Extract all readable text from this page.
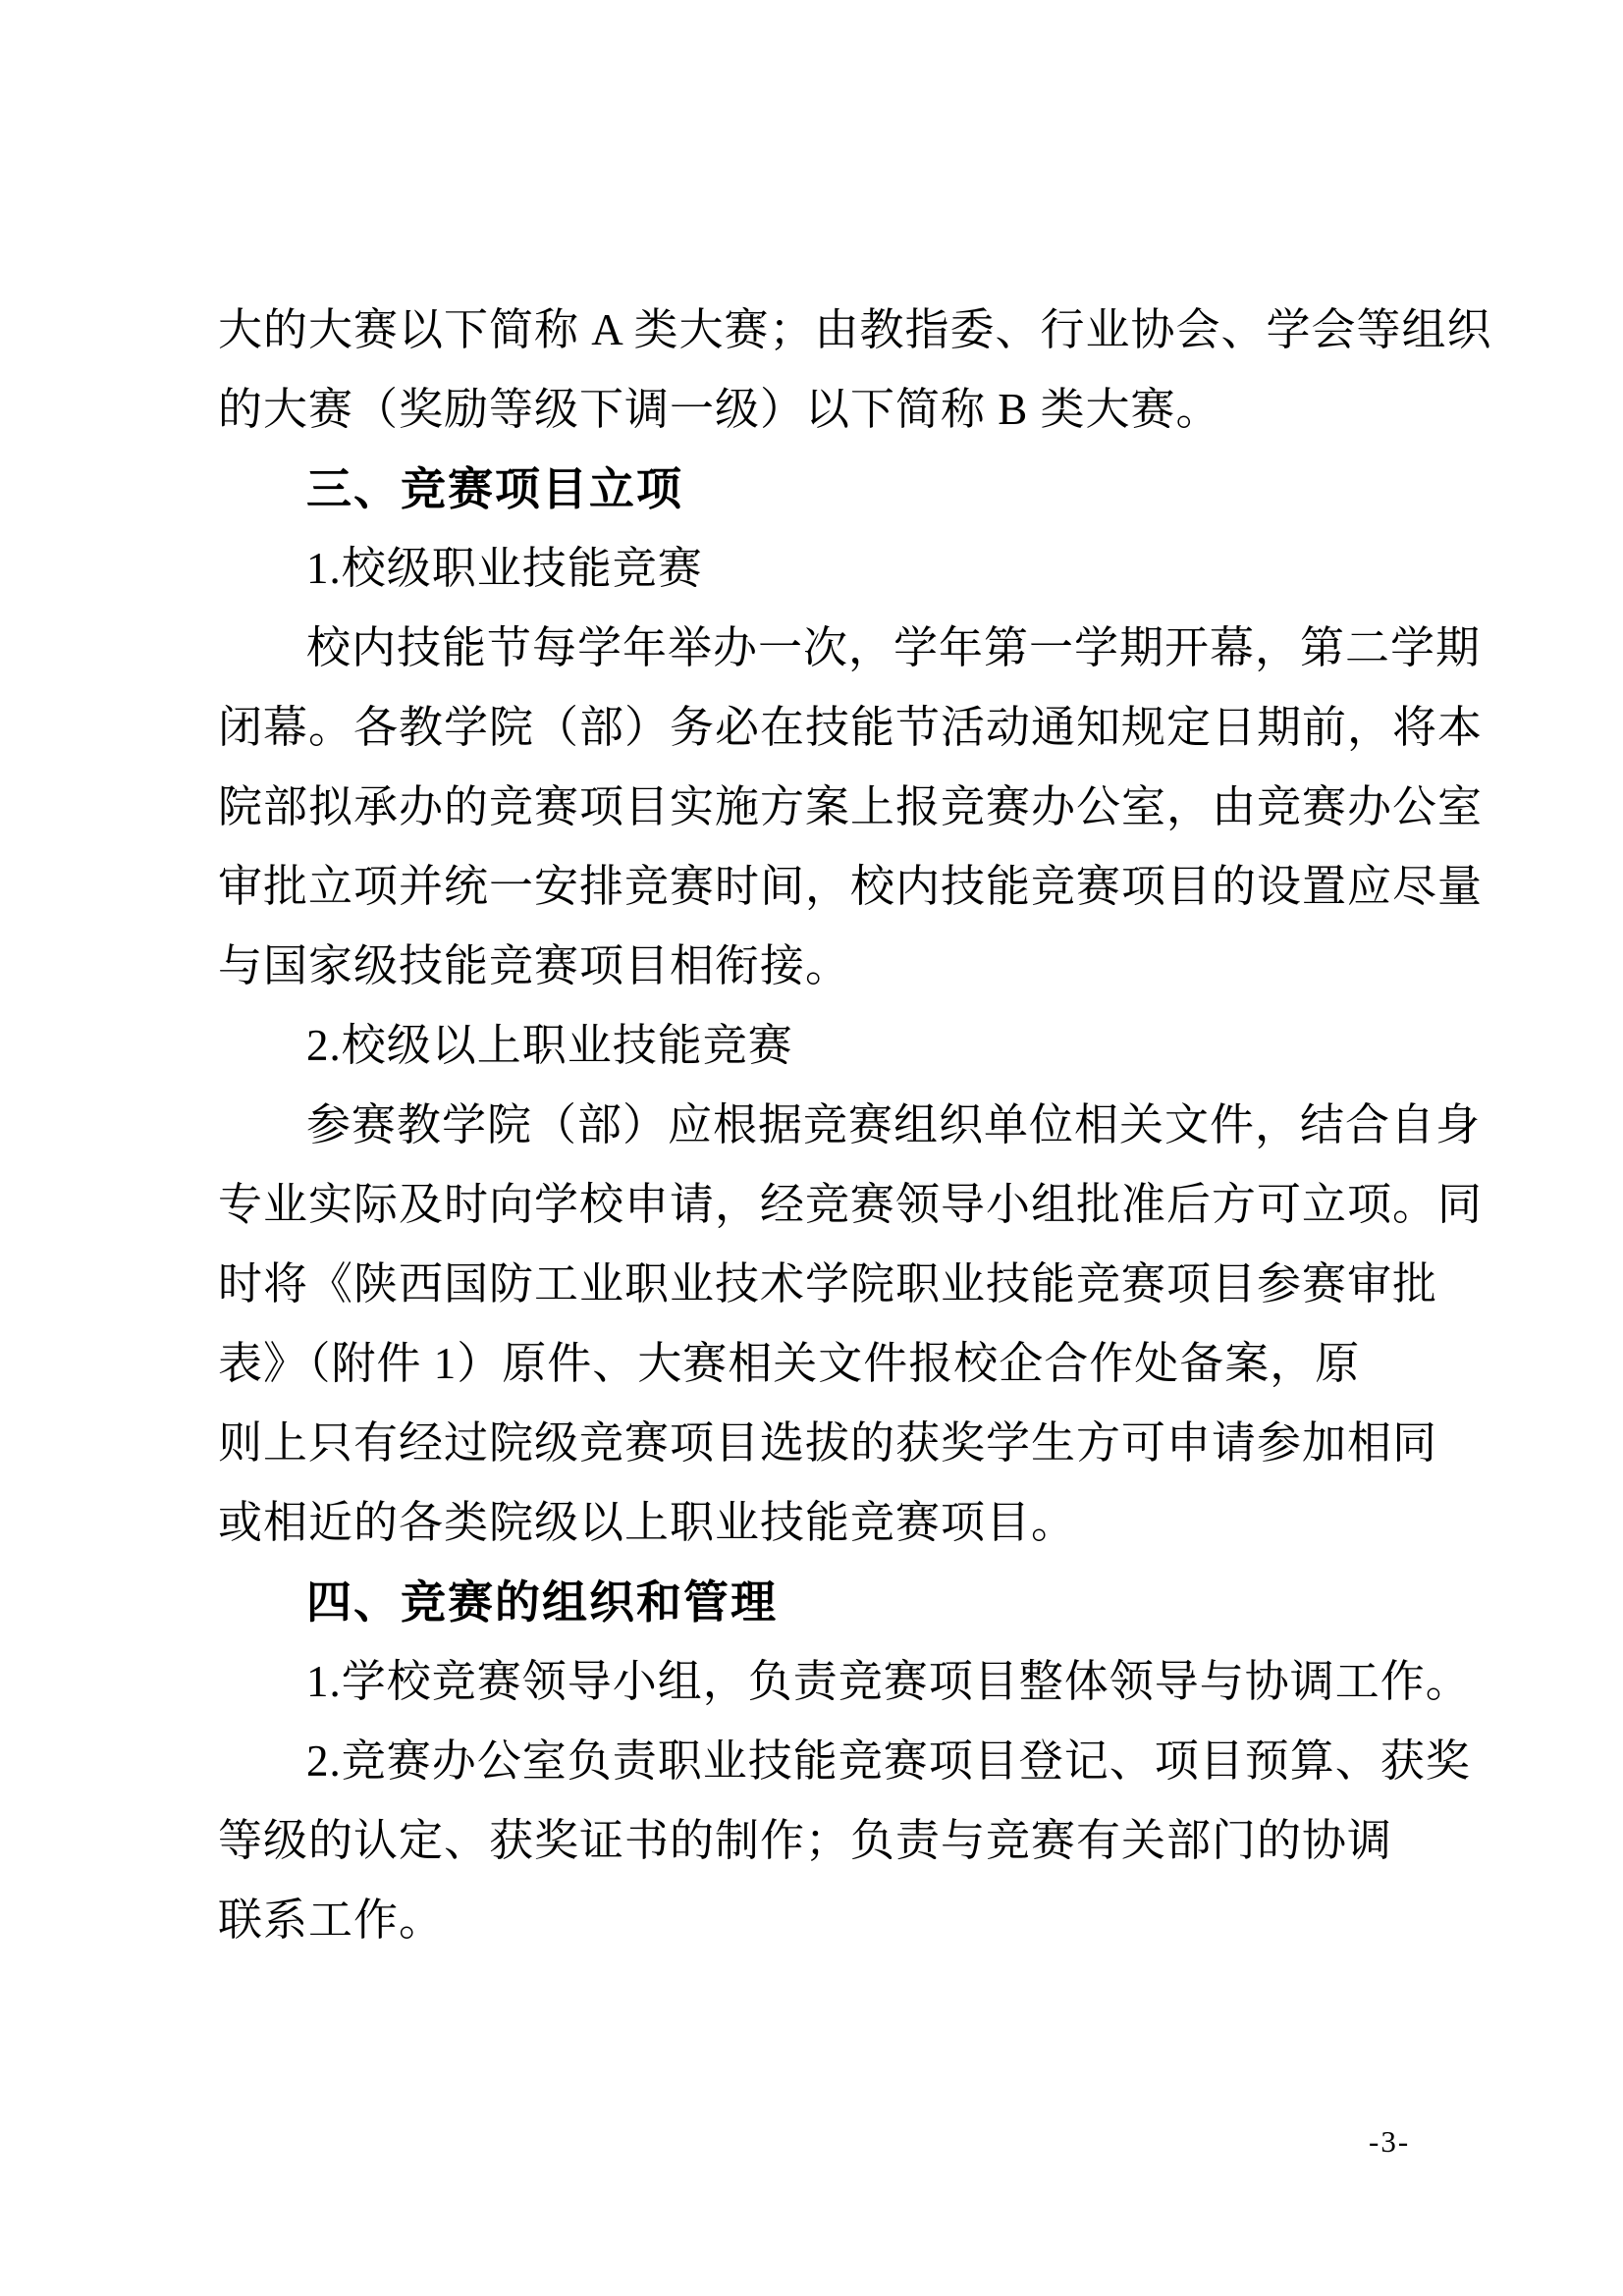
大的大赛以下简称 A 类大赛；由教指委、行业协会、学会等组织
的大赛（奖励等级下调一级）以下简称 B 类大赛。
三、竞赛项目立项
1.校级职业技能竞赛
校内技能节每学年举办一次，学年第一学期开幕，第二学期
闭幕。各教学院（部）务必在技能节活动通知规定日期前，将本
院部拟承办的竞赛项目实施方案上报竞赛办公室，由竞赛办公室
审批立项并统一安排竞赛时间，校内技能竞赛项目的设置应尽量
与国家级技能竞赛项目相衔接。
2.校级以上职业技能竞赛
参赛教学院（部）应根据竞赛组织单位相关文件，结合自身
专业实际及时向学校申请，经竞赛领导小组批准后方可立项。同
时将《陕西国防工业职业技术学院职业技能竞赛项目参赛审批
表》（附件 1）原件、大赛相关文件报校企合作处备案，原
则上只有经过院级竞赛项目选拔的获奖学生方可申请参加相同
或相近的各类院级以上职业技能竞赛项目。
四、竞赛的组织和管理
1.学校竞赛领导小组，负责竞赛项目整体领导与协调工作。
2.竞赛办公室负责职业技能竞赛项目登记、项目预算、获奖
等级的认定、获奖证书的制作；负责与竞赛有关部门的协调
联系工作。
-3-
